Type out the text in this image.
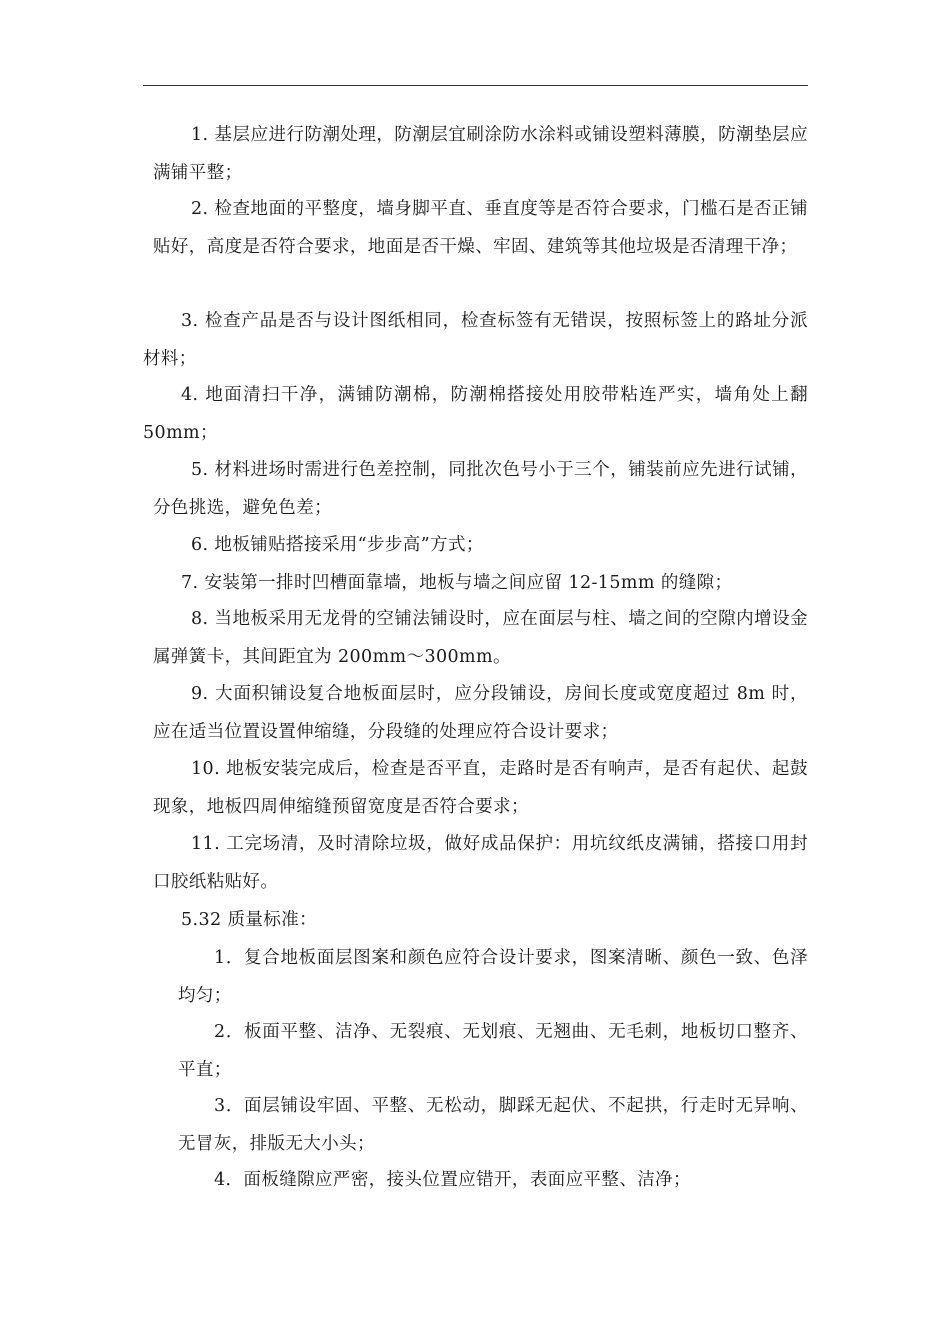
1. 基层应进行防潮处理，防潮层宜刷涂防水涂料或铺设塑料薄膜，防潮垫层应满铺平整；

2. 检查地面的平整度，墙身脚平直、垂直度等是否符合要求，门槛石是否正铺贴好，高度是否符合要求，地面是否干燥、牢固、建筑等其他垃圾是否清理干净；

3. 检查产品是否与设计图纸相同，检查标签有无错误，按照标签上的路址分派材料；

4. 地面清扫干净，满铺防潮棉，防潮棉搭接处用胶带粘连严实，墙角处上翻 50mm；

5. 材料进场时需进行色差控制，同批次色号小于三个，铺装前应先进行试铺，分色挑选，避免色差；

6. 地板铺贴搭接采用“步步高”方式；

7. 安装第一排时凹槽面靠墙，地板与墙之间应留 12-15mm 的缝隙；

8. 当地板采用无龙骨的空铺法铺设时，应在面层与柱、墙之间的空隙内增设金属弹簧卡，其间距宜为 200mm～300mm。

9. 大面积铺设复合地板面层时，应分段铺设，房间长度或宽度超过 8m 时，应在适当位置设置伸缩缝，分段缝的处理应符合设计要求；

10. 地板安装完成后，检查是否平直，走路时是否有响声，是否有起伏、起鼓现象，地板四周伸缩缝预留宽度是否符合要求；

11. 工完场清，及时清除垃圾，做好成品保护：用坑纹纸皮满铺，搭接口用封口胶纸粘贴好。

5.32 质量标准：

1．复合地板面层图案和颜色应符合设计要求，图案清晰、颜色一致、色泽均匀；

2．板面平整、洁净、无裂痕、无划痕、无翘曲、无毛刺，地板切口整齐、平直；

3．面层铺设牢固、平整、无松动，脚踩无起伏、不起拱，行走时无异响、无冒灰，排版无大小头；

4．面板缝隙应严密，接头位置应错开，表面应平整、洁净；
